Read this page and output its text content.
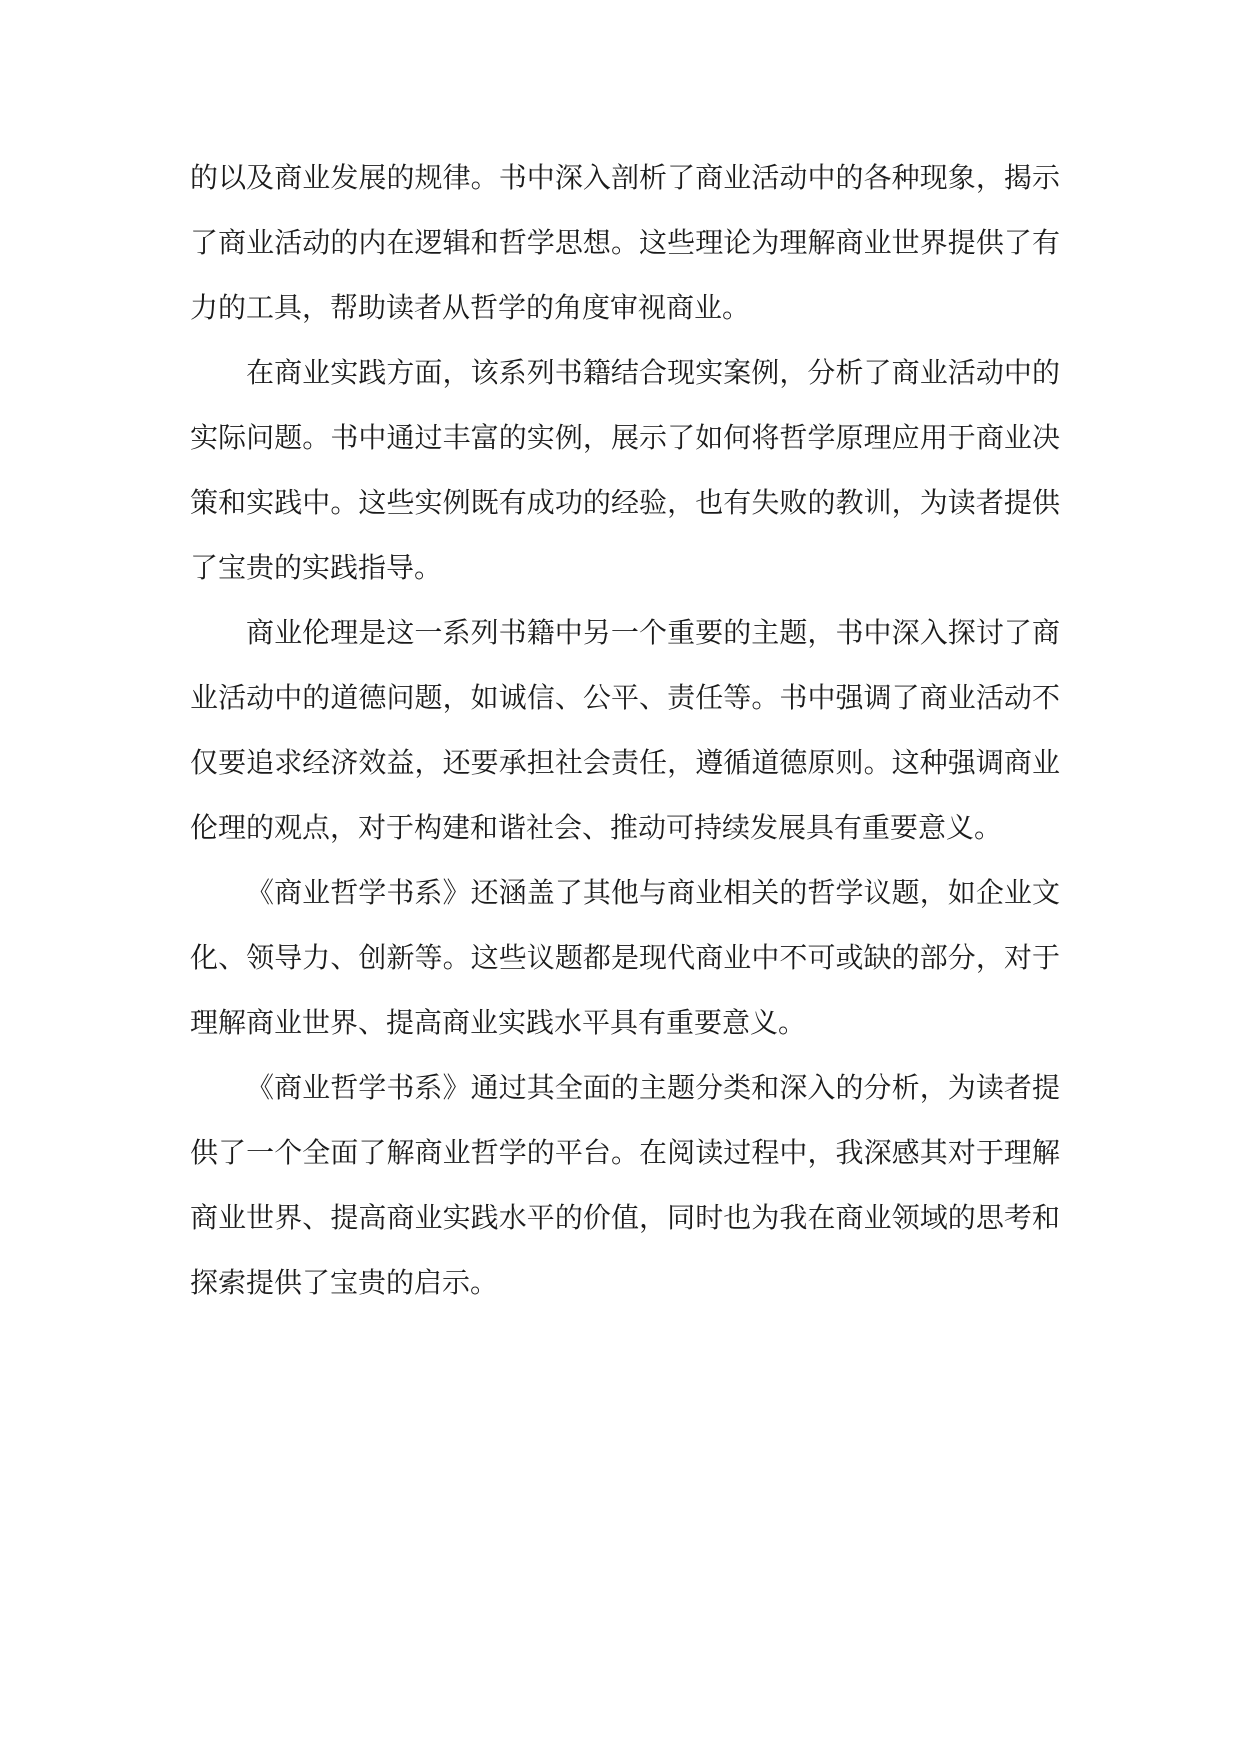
的以及商业发展的规律。书中深入剖析了商业活动中的各种现象，揭示了商业活动的内在逻辑和哲学思想。这些理论为理解商业世界提供了有力的工具，帮助读者从哲学的角度审视商业。

在商业实践方面，该系列书籍结合现实案例，分析了商业活动中的实际问题。书中通过丰富的实例，展示了如何将哲学原理应用于商业决策和实践中。这些实例既有成功的经验，也有失败的教训，为读者提供了宝贵的实践指导。

商业伦理是这一系列书籍中另一个重要的主题，书中深入探讨了商业活动中的道德问题，如诚信、公平、责任等。书中强调了商业活动不仅要追求经济效益，还要承担社会责任，遵循道德原则。这种强调商业伦理的观点，对于构建和谐社会、推动可持续发展具有重要意义。

《商业哲学书系》还涵盖了其他与商业相关的哲学议题，如企业文化、领导力、创新等。这些议题都是现代商业中不可或缺的部分，对于理解商业世界、提高商业实践水平具有重要意义。

《商业哲学书系》通过其全面的主题分类和深入的分析，为读者提供了一个全面了解商业哲学的平台。在阅读过程中，我深感其对于理解商业世界、提高商业实践水平的价值，同时也为我在商业领域的思考和探索提供了宝贵的启示。
